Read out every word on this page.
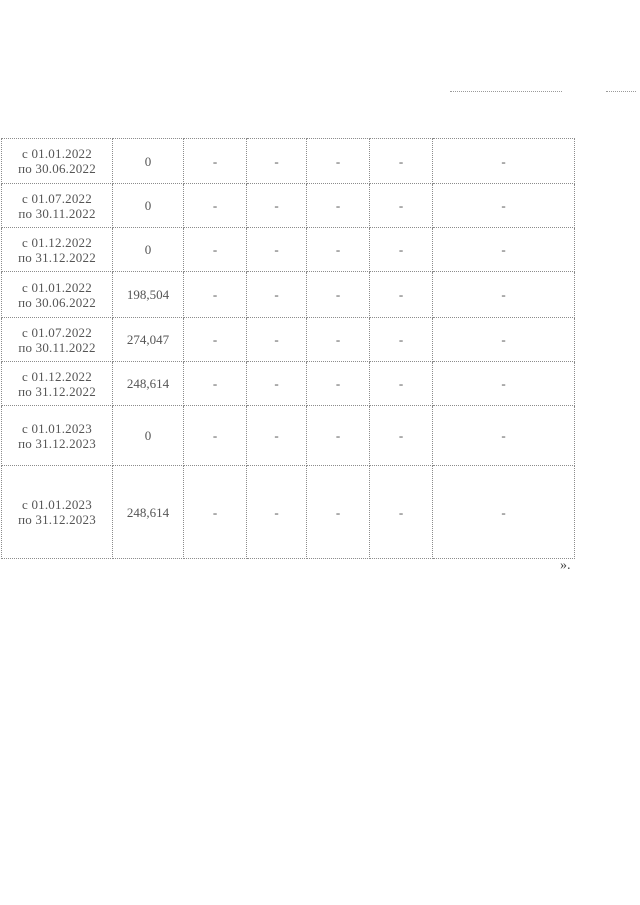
с 01.01.2022
по 30.06.2022	0	-	-	-	-	-

с 01.07.2022
по 30.11.2022	0	-	-	-	-	-

с 01.12.2022
по 31.12.2022	0	-	-	-	-	-

с 01.01.2022
по 30.06.2022	198,504	-	-	-	-	-

с 01.07.2022
по 30.11.2022	274,047	-	-	-	-	-

с 01.12.2022
по 31.12.2022	248,614	-	-	-	-	-

с 01.01.2023
по 31.12.2023	0	-	-	-	-	-

с 01.01.2023
по 31.12.2023	248,614	-	-	-	-	-
».
